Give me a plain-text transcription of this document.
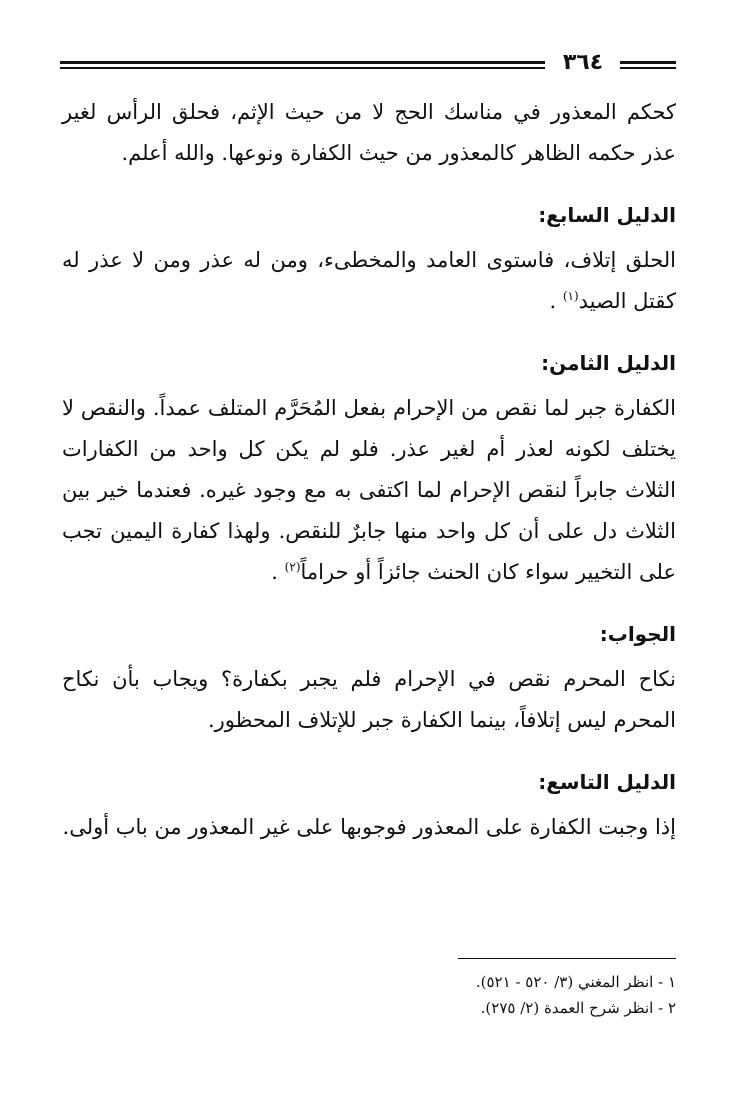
٣٦٤

كحكم المعذور في مناسك الحج لا من حيث الإثم، فحلق الرأس لغير عذر حكمه الظاهر كالمعذور من حيث الكفارة ونوعها. والله أعلم.

الدليل السابع:

الحلق إتلاف، فاستوى العامد والمخطىء، ومن له عذر ومن لا عذر له كقتل الصيد$^{(١)}$ .

الدليل الثامن:

الكفارة جبر لما نقص من الإحرام بفعل المُحَرَّم المتلف عمداً. والنقص لا يختلف لكونه لعذر أم لغير عذر. فلو لم يكن كل واحد من الكفارات الثلاث جابراً لنقص الإحرام لما اكتفى به مع وجود غيره. فعندما خير بين الثلاث دل على أن كل واحد منها جابرٌ للنقص. ولهذا كفارة اليمين تجب على التخيير سواء كان الحنث جائزاً أو حراماً$^{(٢)}$ .

الجواب:

نكاح المحرم نقص في الإحرام فلم يجبر بكفارة؟ ويجاب بأن نكاح المحرم ليس إتلافاً، بينما الكفارة جبر للإتلاف المحظور.

الدليل التاسع:

إذا وجبت الكفارة على المعذور فوجوبها على غير المعذور من باب أولى.

١ - انظر المغني (٣/ ٥٢٠ - ٥٢١).

٢ - انظر شرح العمدة (٢/ ٢٧٥).
